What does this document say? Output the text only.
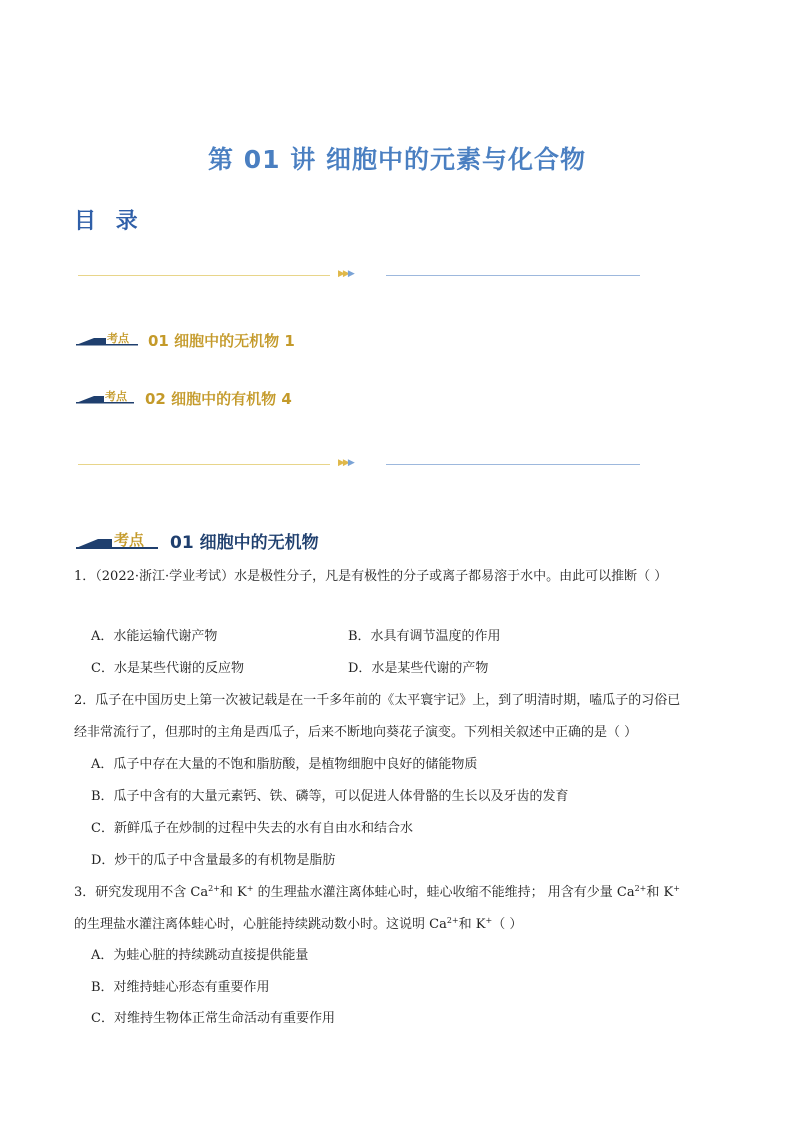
第 01 讲 细胞中的元素与化合物
目 录
▶▶▶
考点 01 细胞中的无机物 1
考点 02 细胞中的有机物 4
▶▶▶
考点 01 细胞中的无机物
1．（2022·浙江·学业考试）水是极性分子，凡是有极性的分子或离子都易溶于水中。由此可以推断（ ）
A．水能运输代谢产物	B．水具有调节温度的作用
C．水是某些代谢的反应物	D．水是某些代谢的产物
2．瓜子在中国历史上第一次被记载是在一千多年前的《太平寰宇记》上，到了明清时期，嗑瓜子的习俗已
经非常流行了，但那时的主角是西瓜子，后来不断地向葵花子演变。下列相关叙述中正确的是（ ）
A．瓜子中存在大量的不饱和脂肪酸，是植物细胞中良好的储能物质
B．瓜子中含有的大量元素钙、铁、磷等，可以促进人体骨骼的生长以及牙齿的发育
C．新鲜瓜子在炒制的过程中失去的水有自由水和结合水
D．炒干的瓜子中含量最多的有机物是脂肪
3．研究发现用不含 $Ca^{2+}$和 K+ 的生理盐水灌注离体蛙心时，蛙心收缩不能维持； 用含有少量 $Ca^{2+}$和 K+
的生理盐水灌注离体蛙心时，心脏能持续跳动数小时。这说明 $Ca^{2+}$和 K+（ ）
A．为蛙心脏的持续跳动直接提供能量
B．对维持蛙心形态有重要作用
C．对维持生物体正常生命活动有重要作用
